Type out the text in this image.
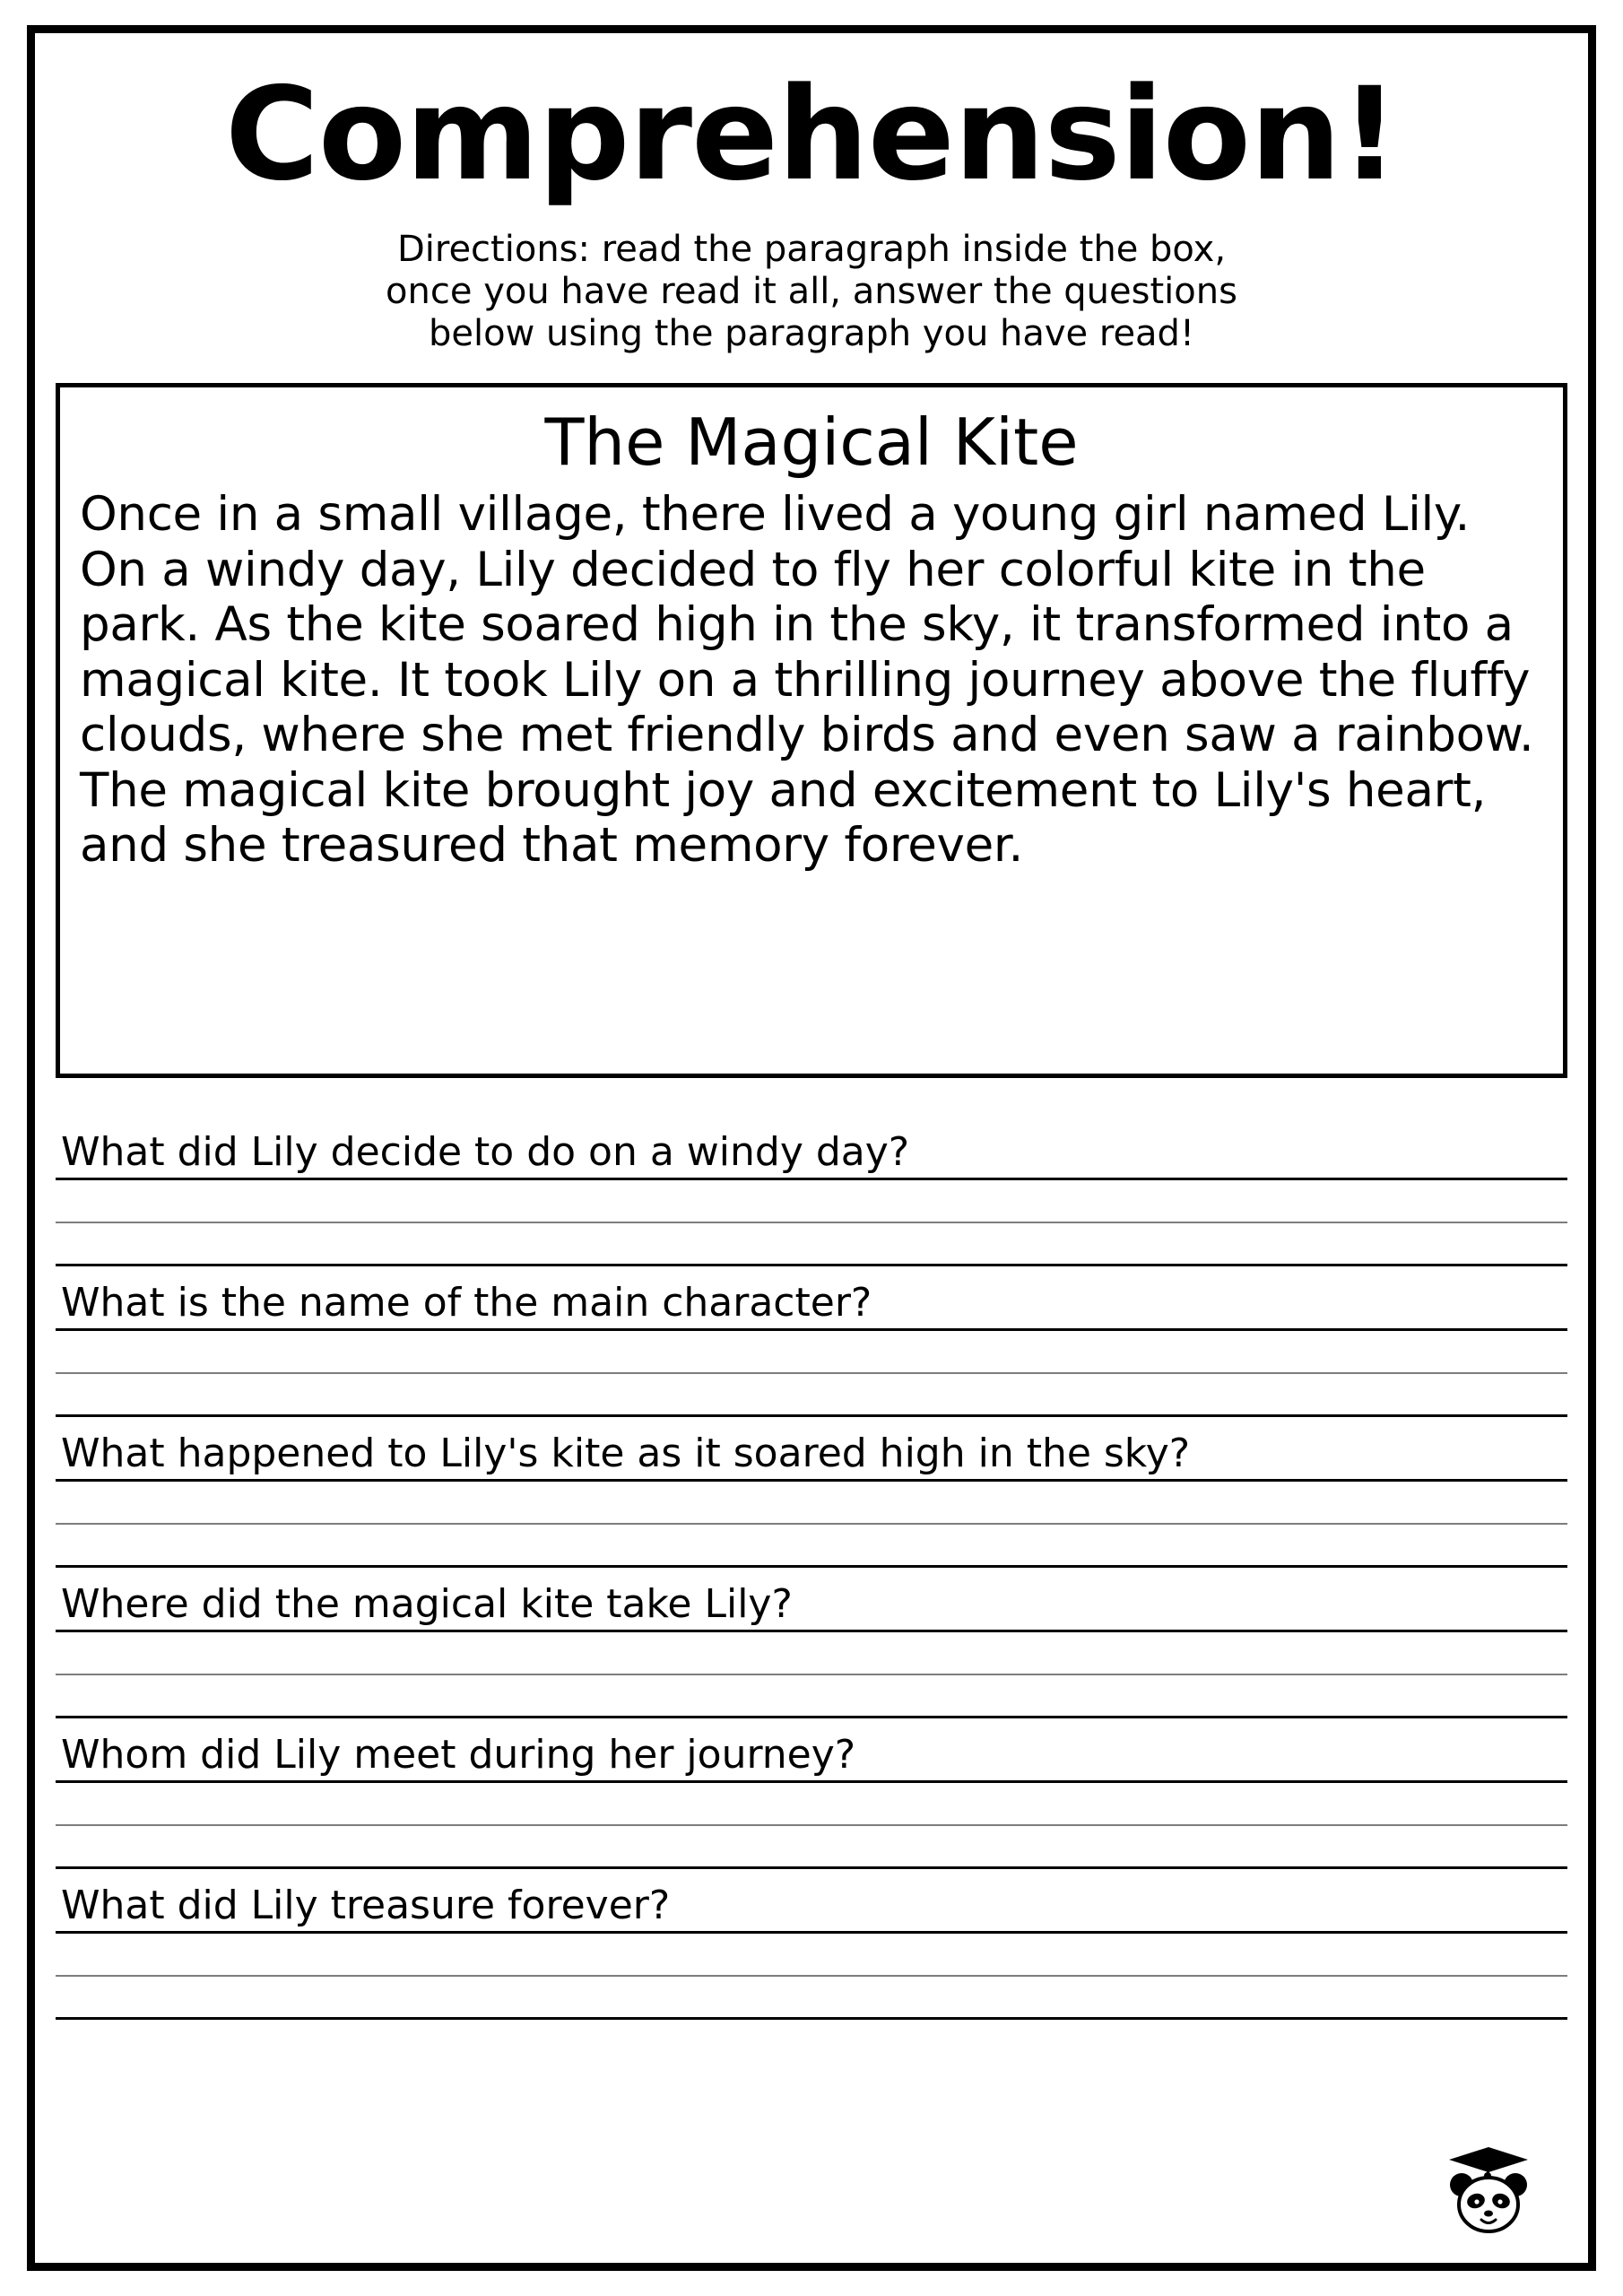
Comprehension!
Directions: read the paragraph inside the box,
once you have read it all, answer the questions
below using the paragraph you have read!
The Magical Kite
Once in a small village, there lived a young girl named Lily. On a windy day, Lily decided to fly her colorful kite in the park. As the kite soared high in the sky, it transformed into a magical kite. It took Lily on a thrilling journey above the fluffy clouds, where she met friendly birds and even saw a rainbow. The magical kite brought joy and excitement to Lily's heart, and she treasured that memory forever.
What did Lily decide to do on a windy day?
What is the name of the main character?
What happened to Lily's kite as it soared high in the sky?
Where did the magical kite take Lily?
Whom did Lily meet during her journey?
What did Lily treasure forever?
